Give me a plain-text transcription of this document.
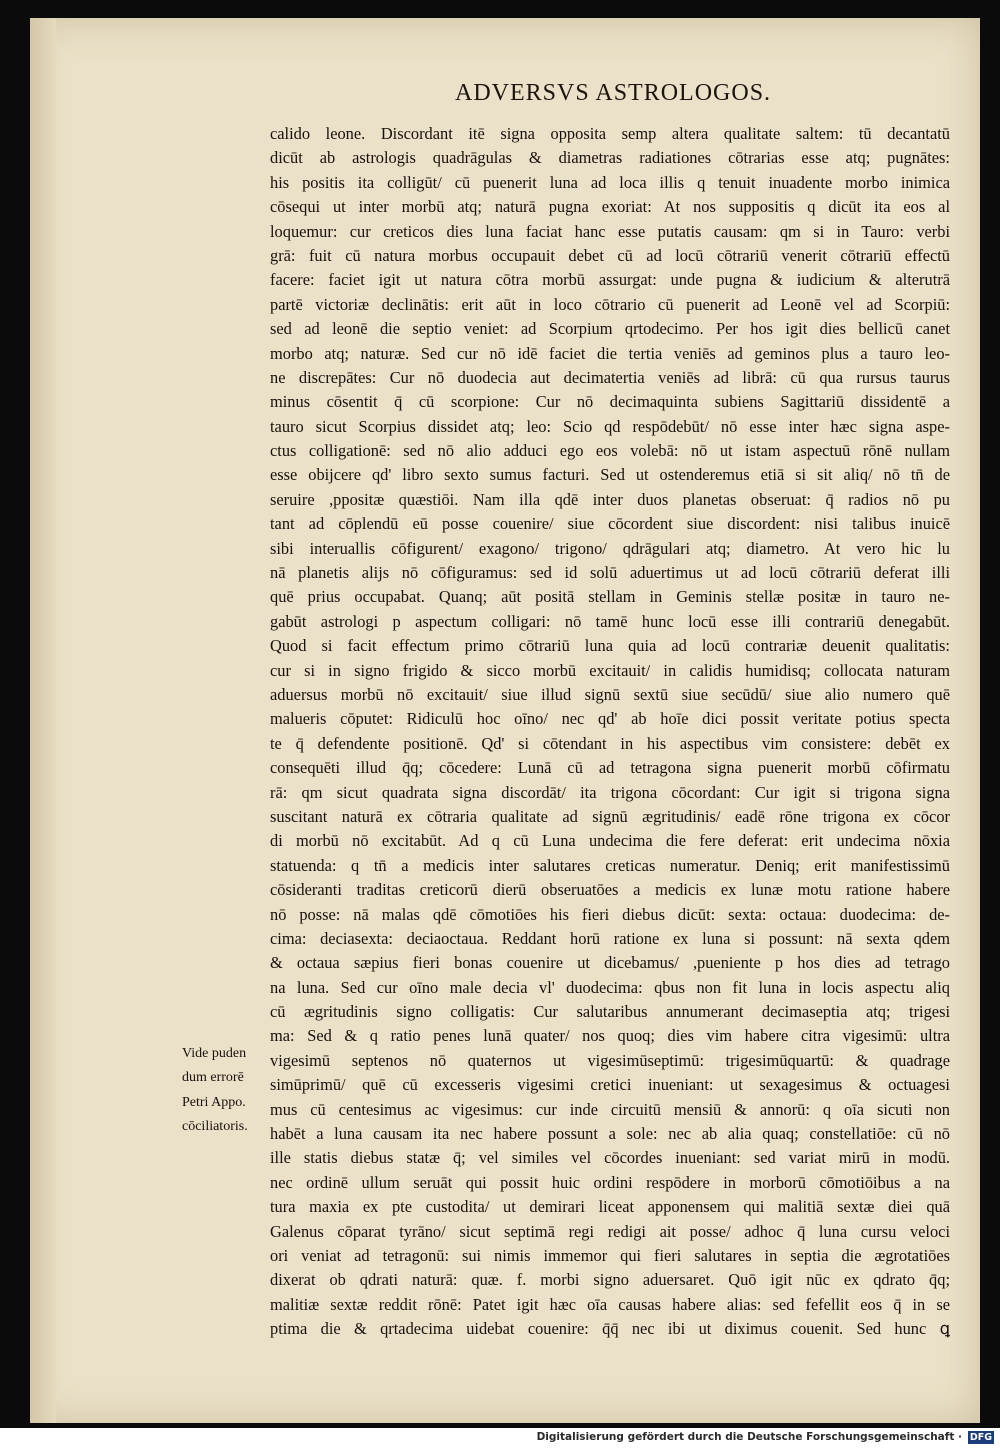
ADVERSVS ASTROLOGOS.
calido leone. Discordant itē signa opposita semp altera qualitate saltem: tū decantatū
dicūt ab astrologis quadrāgulas & diametras radiationes cōtrarias esse atq; pugnātes:
his positis ita colligūt/ cū puenerit luna ad loca illis q tenuit inuadente morbo inimica
cōsequi ut inter morbū atq; naturā pugna exoriat: At nos suppositis q dicūt ita eos al
loquemur: cur creticos dies luna faciat hanc esse putatis causam: qm si in Tauro: verbi
grā: fuit cū natura morbus occupauit debet cū ad locū cōtrariū venerit cōtrariū effectū
facere: faciet igit ut natura cōtra morbū assurgat: unde pugna & iudicium & alterutrā
partē victoriæ declinātis: erit aūt in loco cōtrario cū puenerit ad Leonē vel ad Scorpiū:
sed ad leonē die septio veniet: ad Scorpium qrtodecimo. Per hos igit dies bellicū canet
morbo atq; naturæ. Sed cur nō idē faciet die tertia veniēs ad geminos plus a tauro leo-
ne discrepātes: Cur nō duodecia aut decimatertia veniēs ad librā: cū qua rursus taurus
minus cōsentit q̄ cū scorpione: Cur nō decimaquinta subiens Sagittariū dissidentē a
tauro sicut Scorpius dissidet atq; leo: Scio qd respōdebūt/ nō esse inter hæc signa aspe-
ctus colligationē: sed nō alio adduci ego eos volebā: nō ut istam aspectuū rōnē nullam
esse obijcere qd' libro sexto sumus facturi. Sed ut ostenderemus etiā si sit aliq/ nō tn̄ de
seruire ,ppositæ quæstiōi. Nam illa qdē inter duos planetas obseruat: q̄ radios nō pu
tant ad cōplendū eū posse couenire/ siue cōcordent siue discordent: nisi talibus inuicē
sibi interuallis cōfigurent/ exagono/ trigono/ qdrāgulari atq; diametro. At vero hic lu
nā planetis alijs nō cōfiguramus: sed id solū aduertimus ut ad locū cōtrariū deferat illi
quē prius occupabat. Quanq; aūt positā stellam in Geminis stellæ positæ in tauro ne-
gabūt astrologi p aspectum colligari: nō tamē hunc locū esse illi contrariū denegabūt.
Quod si facit effectum primo cōtrariū luna quia ad locū contrariæ deuenit qualitatis:
cur si in signo frigido & sicco morbū excitauit/ in calidis humidisq; collocata naturam
aduersus morbū nō excitauit/ siue illud signū sextū siue secūdū/ siue alio numero quē
malueris cōputet: Ridiculū hoc oīno/ nec qd' ab hoīe dici possit veritate potius specta
te q̄ defendente positionē. Qd' si cōtendant in his aspectibus vim consistere: debēt ex
consequēti illud q̄q; cōcedere: Lunā cū ad tetragona signa puenerit morbū cōfirmatu
rā: qm sicut quadrata signa discordāt/ ita trigona cōcordant: Cur igit si trigona signa
suscitant naturā ex cōtraria qualitate ad signū ægritudinis/ eadē rōne trigona ex cōcor
di morbū nō excitabūt. Ad q cū Luna undecima die fere deferat: erit undecima nōxia
statuenda: q tn̄ a medicis inter salutares creticas numeratur. Deniq; erit manifestissimū
cōsideranti traditas creticorū dierū obseruatōes a medicis ex lunæ motu ratione habere
nō posse: nā malas qdē cōmotiōes his fieri diebus dicūt: sexta: octaua: duodecima: de-
cima: deciasexta: deciaoctaua. Reddant horū ratione ex luna si possunt: nā sexta qdem
& octaua sæpius fieri bonas couenire ut dicebamus/ ,pueniente p hos dies ad tetrago
na luna. Sed cur oīno male decia vl' duodecima: qbus non fit luna in locis aspectu aliq
cū ægritudinis signo colligatis: Cur salutaribus annumerant decimaseptia atq; trigesi
ma: Sed & q ratio penes lunā quater/ nos quoq; dies vim habere citra vigesimū: ultra
vigesimū septenos nō quaternos ut vigesimūseptimū: trigesimūquartū: & quadrage
simūprimū/ quē cū excesseris vigesimi cretici inueniant: ut sexagesimus & octuagesi
mus cū centesimus ac vigesimus: cur inde circuitū mensiū & annorū: q oīa sicuti non
habēt a luna causam ita nec habere possunt a sole: nec ab alia quaq; constellatiōe: cū nō
ille statis diebus statæ q̄; vel similes vel cōcordes inueniant: sed variat mirū in modū.
nec ordinē ullum seruāt qui possit huic ordini respōdere in morborū cōmotiōibus a na
tura maxia ex pte custodita/ ut demirari liceat apponensem qui malitiā sextæ diei quā
Galenus cōparat tyrāno/ sicut septimā regi redigi ait posse/ adhoc q̄ luna cursu veloci
ori veniat ad tetragonū: sui nimis immemor qui fieri salutares in septia die ægrotatiōes
dixerat ob qdrati naturā: quæ. f. morbi signo aduersaret. Quō igit nūc ex qdrato q̄q;
malitiæ sextæ reddit rōnē: Patet igit hæc oīa causas habere alias: sed fefellit eos q̄ in se
ptima die & qrtadecima uidebat couenire: q̄q̄ nec ibi ut diximus couenit. Sed hunc ꝗ
Vide puden
dum errorē
Petri Appo.
cōciliatoris.
Digitalisierung gefördert durch die Deutsche Forschungsgemeinschaft · DFG
